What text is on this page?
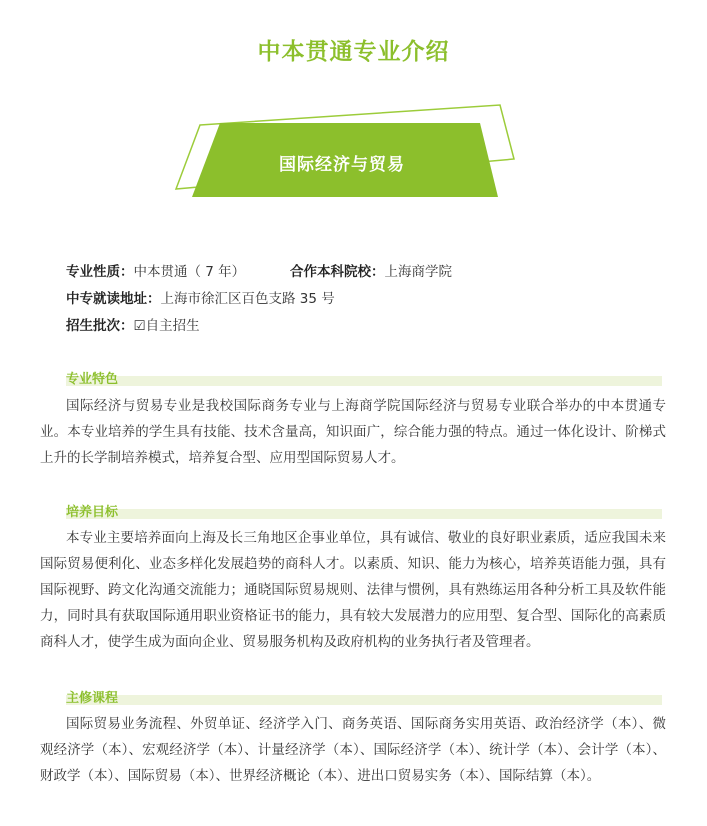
中本贯通专业介绍
国际经济与贸易
专业性质：中本贯通（ 7 年）	合作本科院校：上海商学院
中专就读地址：上海市徐汇区百色支路 35 号
招生批次：☑自主招生
专业特色

国际经济与贸易专业是我校国际商务专业与上海商学院国际经济与贸易专业联合举办的中本贯通专业。本专业培养的学生具有技能、技术含量高，知识面广，综合能力强的特点。通过一体化设计、阶梯式上升的长学制培养模式，培养复合型、应用型国际贸易人才。

培养目标

本专业主要培养面向上海及长三角地区企事业单位，具有诚信、敬业的良好职业素质，适应我国未来国际贸易便利化、业态多样化发展趋势的商科人才。以素质、知识、能力为核心，培养英语能力强，具有国际视野、跨文化沟通交流能力；通晓国际贸易规则、法律与惯例，具有熟练运用各种分析工具及软件能力，同时具有获取国际通用职业资格证书的能力，具有较大发展潜力的应用型、复合型、国际化的高素质商科人才，使学生成为面向企业、贸易服务机构及政府机构的业务执行者及管理者。

主修课程

国际贸易业务流程、外贸单证、经济学入门、商务英语、国际商务实用英语、政治经济学（本）、微观经济学（本）、宏观经济学（本）、计量经济学（本）、国际经济学（本）、统计学（本）、会计学（本）、财政学（本）、国际贸易（本）、世界经济概论（本）、进出口贸易实务（本）、国际结算（本）。
